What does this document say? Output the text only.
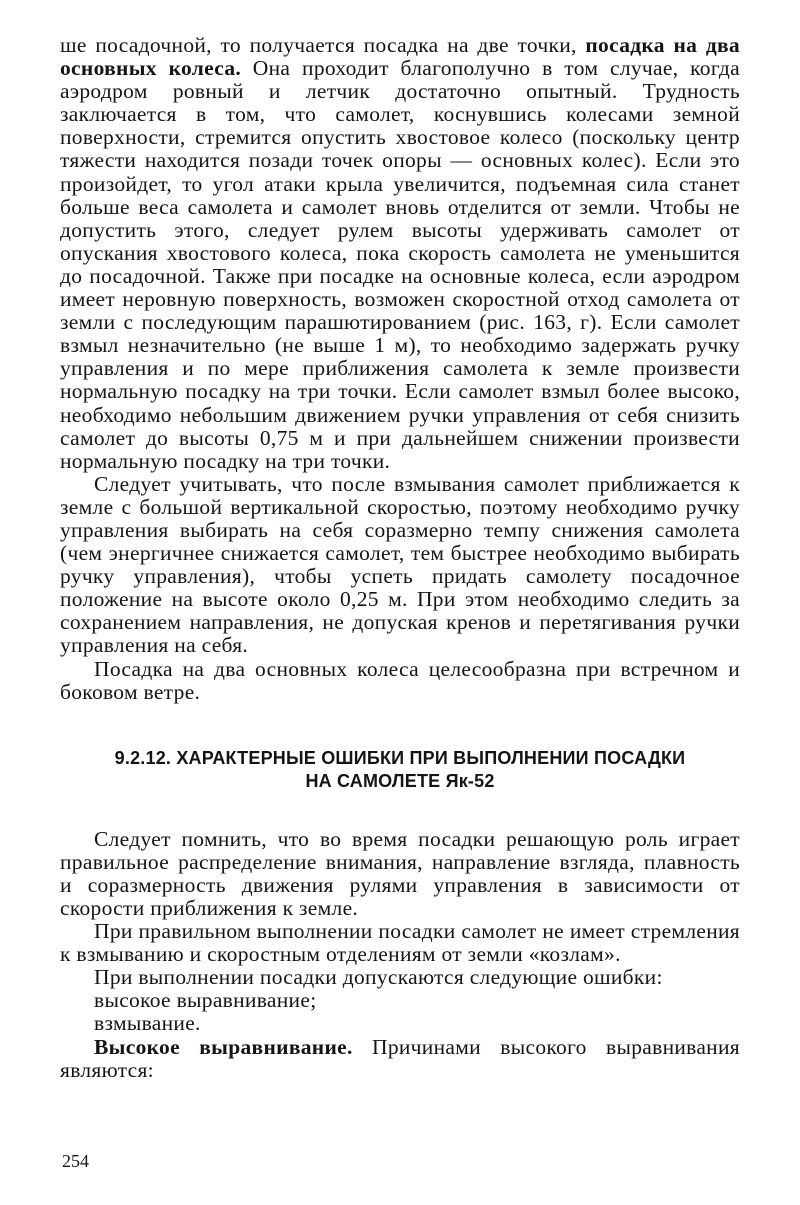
ше посадочной, то получается посадка на две точки, посадка на два основных колеса. Она проходит благополучно в том случае, когда аэродром ровный и летчик достаточно опытный. Трудность заключается в том, что самолет, коснувшись колесами земной поверхности, стремится опустить хвостовое колесо (поскольку центр тяжести находится позади точек опоры — основных колес). Если это произойдет, то угол атаки крыла увеличится, подъемная сила станет больше веса самолета и самолет вновь отделится от земли. Чтобы не допустить этого, следует рулем высоты удерживать самолет от опускания хвостового колеса, пока скорость самолета не уменьшится до посадочной. Также при посадке на основные колеса, если аэродром имеет неровную поверхность, возможен скоростной отход самолета от земли с последующим парашютированием (рис. 163, г). Если самолет взмыл незначительно (не выше 1 м), то необходимо задержать ручку управления и по мере приближения самолета к земле произвести нормальную посадку на три точки. Если самолет взмыл более высоко, необходимо небольшим движением ручки управления от себя снизить самолет до высоты 0,75 м и при дальнейшем снижении произвести нормальную посадку на три точки.

Следует учитывать, что после взмывания самолет приближается к земле с большой вертикальной скоростью, поэтому необходимо ручку управления выбирать на себя соразмерно темпу снижения самолета (чем энергичнее снижается самолет, тем быстрее необходимо выбирать ручку управления), чтобы успеть придать самолету посадочное положение на высоте около 0,25 м. При этом необходимо следить за сохранением направления, не допуская кренов и перетягивания ручки управления на себя.

Посадка на два основных колеса целесообразна при встречном и боковом ветре.

9.2.12. ХАРАКТЕРНЫЕ ОШИБКИ ПРИ ВЫПОЛНЕНИИ ПОСАДКИ
НА САМОЛЕТЕ Як-52

Следует помнить, что во время посадки решающую роль играет правильное распределение внимания, направление взгляда, плавность и соразмерность движения рулями управления в зависимости от скорости приближения к земле.

При правильном выполнении посадки самолет не имеет стремления к взмыванию и скоростным отделениям от земли «козлам».

При выполнении посадки допускаются следующие ошибки:

высокое выравнивание;

взмывание.

Высокое выравнивание. Причинами высокого выравнивания являются:

254
